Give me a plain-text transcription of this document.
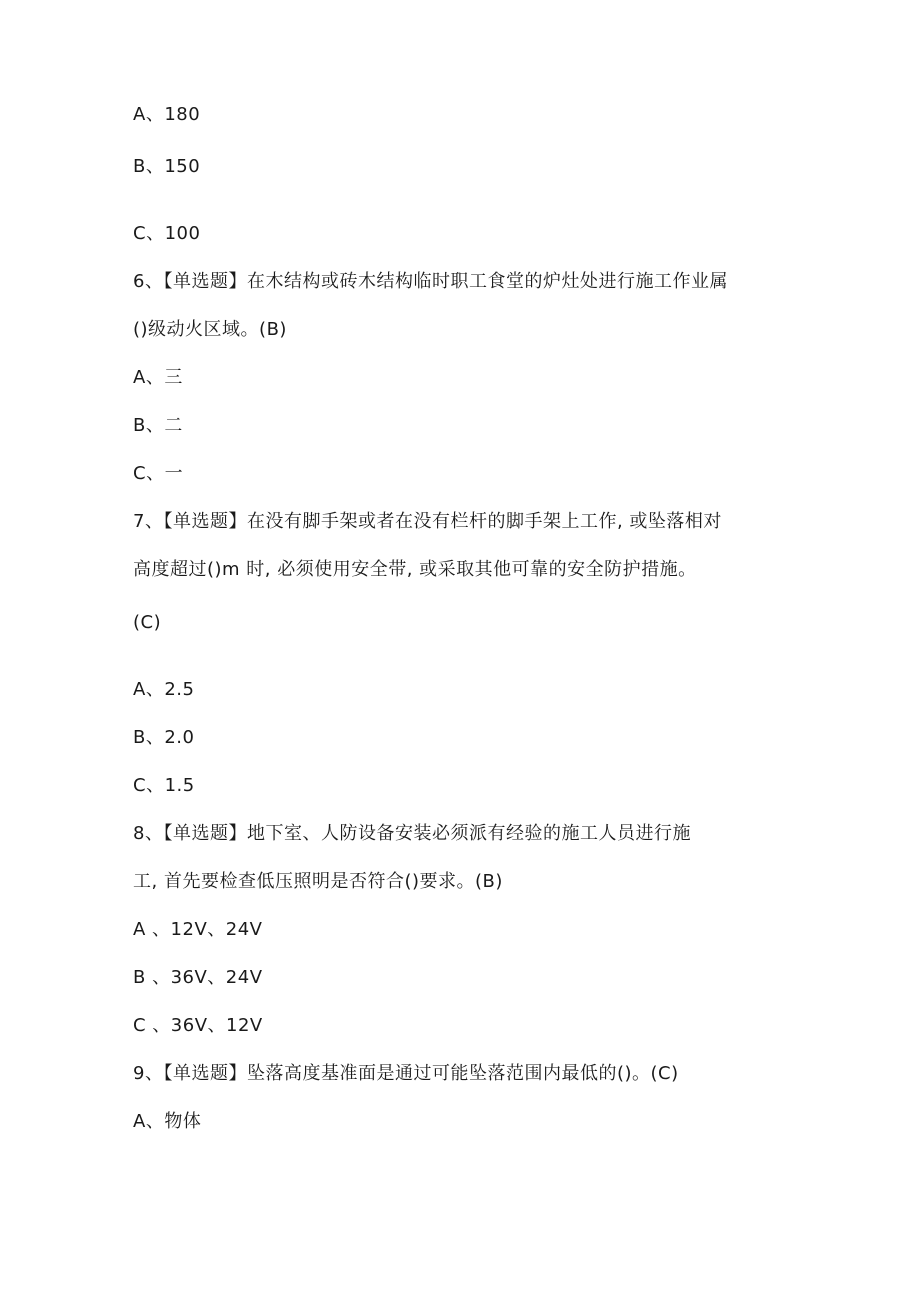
A、180
B、150
C、100
6、【单选题】在木结构或砖木结构临时职工食堂的炉灶处进行施工作业属
()级动火区域。(B)
A、三
B、二
C、一
7、【单选题】在没有脚手架或者在没有栏杆的脚手架上工作, 或坠落相对
高度超过()m 时, 必须使用安全带, 或采取其他可靠的安全防护措施。
(C)
A、2.5
B、2.0
C、1.5
8、【单选题】地下室、人防设备安装必须派有经验的施工人员进行施
工, 首先要检查低压照明是否符合()要求。(B)
A 、12V、24V
B 、36V、24V
C 、36V、12V
9、【单选题】坠落高度基准面是通过可能坠落范围内最低的()。(C)
A、物体
